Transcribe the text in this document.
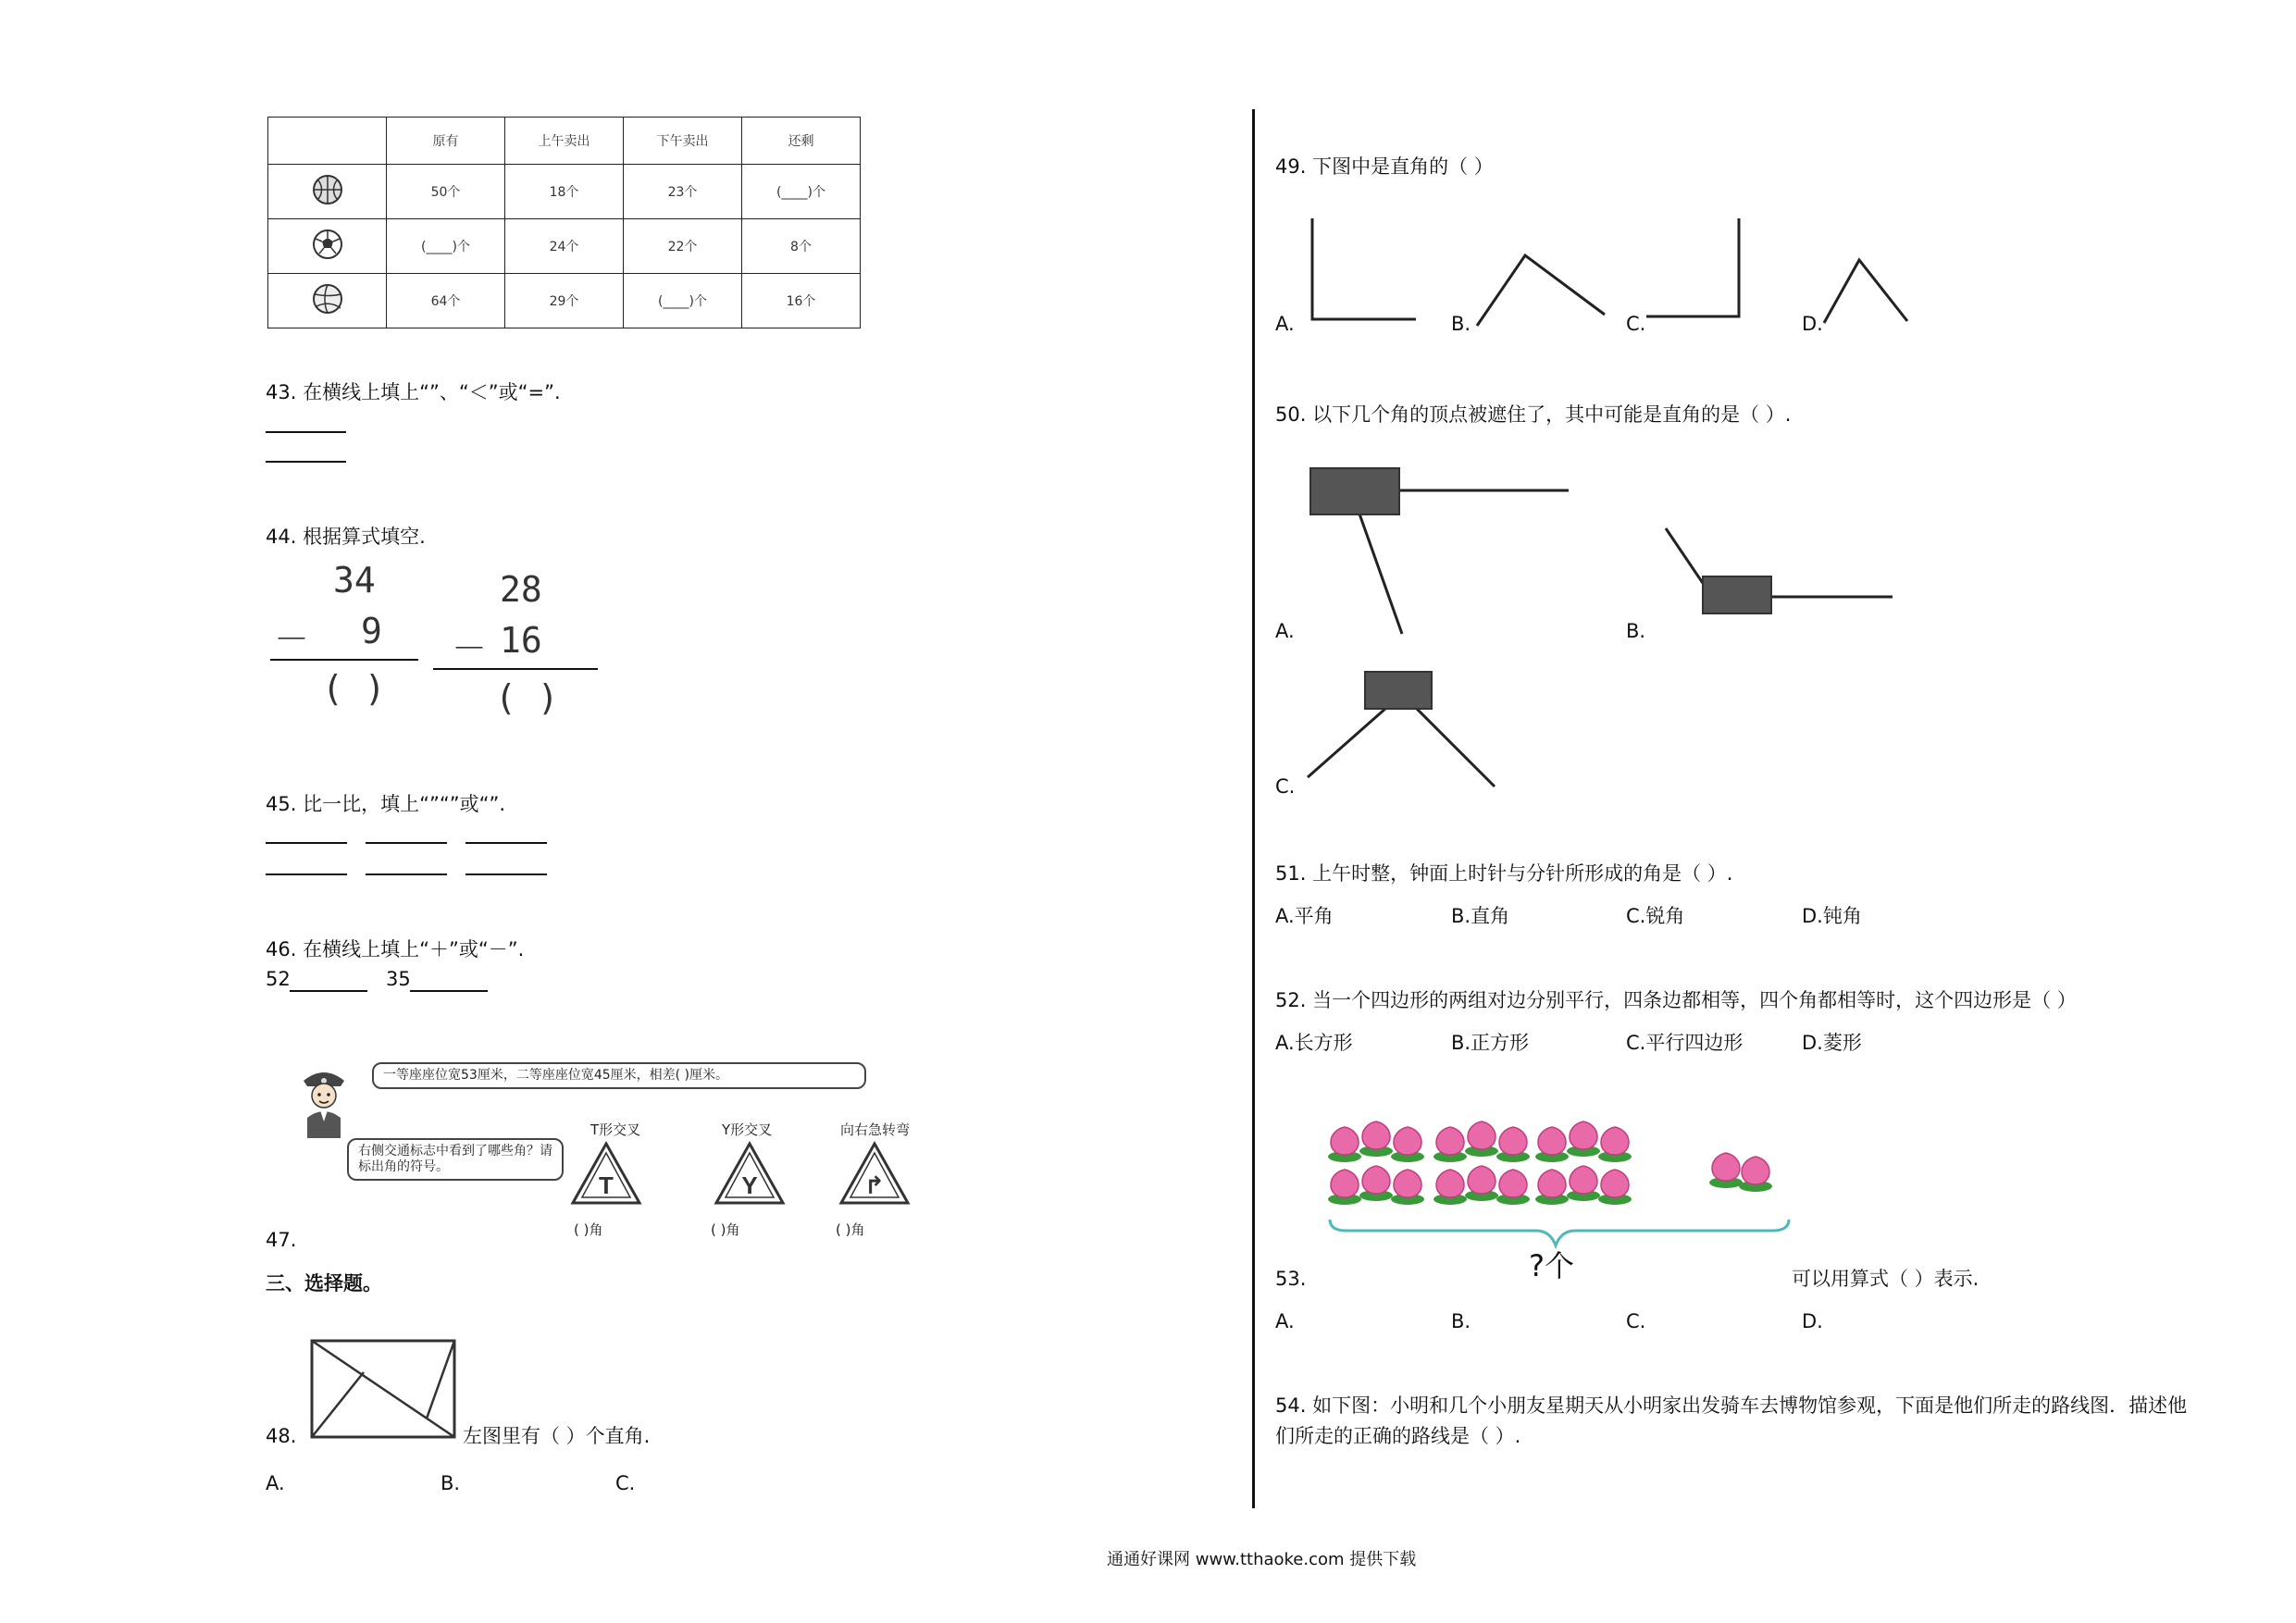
	原有	上午卖出	下午卖出	还剩
	50个	18个	23个	(____)个
	(____)个	24个	22个	8个
	64个	29个	(____)个	16个
43. 在横线上填上“”、“＜”或“=”.
44. 根据算式填空.
34
－ 9
( )
28
－ 16
( )
45. 比一比，填上“”“”或“”.
46. 在横线上填上“＋”或“－”.
52	35
一等座座位宽53厘米，二等座座位宽45厘米，相差( )厘米。
右侧交通标志中看到了哪些角？请标出角的符号。
T形交叉
T
( )角
Y形交叉
Y
( )角
向右急转弯
↱
( )角
47.
三、选择题。
48.	左图里有（ ）个直角.
A.	B.	C.
49. 下图中是直角的（ ）
A.	B.	C.	D.
50. 以下几个角的顶点被遮住了，其中可能是直角的是（ ）.
A.	B.
C.
51. 上午时整，钟面上时针与分针所形成的角是（ ）.
A.平角	B.直角	C.锐角	D.钝角
52. 当一个四边形的两组对边分别平行，四条边都相等，四个角都相等时，这个四边形是（ ）
A.长方形	B.正方形	C.平行四边形	D.菱形
53.	?个	可以用算式（ ）表示.
A.	B.	C.	D.
54. 如下图：小明和几个小朋友星期天从小明家出发骑车去博物馆参观，下面是他们所走的路线图．描述他
们所走的正确的路线是（ ）.
通通好课网 www.tthaoke.com 提供下载
